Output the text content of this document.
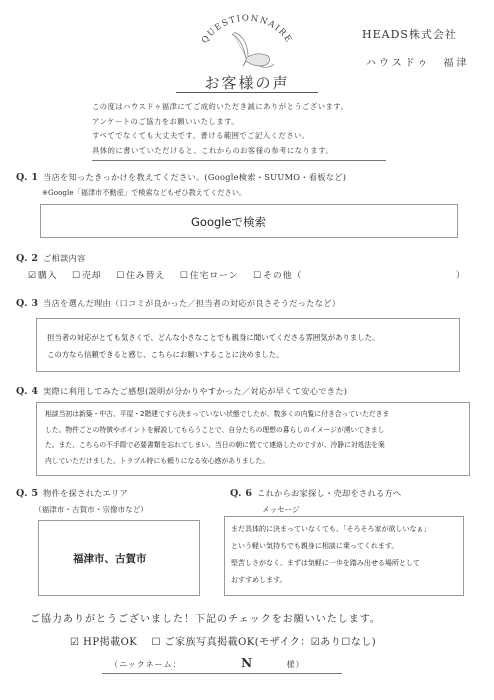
QUESTIONNAIRE
お客様の声
HEADS株式会社
ハウスドゥ　福津
この度はハウスドゥ福津にてご成約いただき誠にありがとうございます。
アンケートのご協力をお願いいたします。
すべてでなくても大丈夫です。書ける範囲でご記入ください。
具体的に書いていただけると、これからのお客様の参考になります。
Q. 1 当店を知ったきっかけを教えてください。(Google検索・SUUMO・看板など)
※Google「福津市不動産」で検索などもぜひ教えてください。
Googleで検索
Q. 2 ご相談内容
☑購入 　☐売却 　☐住み替え 　☐住宅ローン 　☐その他（	）
Q. 3 当店を選んだ理由（口コミが良かった／担当者の対応が良さそうだったなど）
担当者の対応がとても気さくで、どんな小さなことでも親身に聞いてくださる雰囲気がありました。
この方なら信頼できると感じ、こちらにお願いすることに決めました。
Q. 4 実際に利用してみたご感想(説明が分かりやすかった／対応が早くて安心できた)
相談当初は新築・中古、平屋・2階建てすら決まっていない状態でしたが、数多くの内覧に付き合っていただきま
した。物件ごとの特徴やポイントを解説してもらうことで、自分たちの理想の暮らしのイメージが湧いてきまし
た。また、こちらの不手際で必要書類を忘れてしまい、当日の朝に慌てて連絡したのですが、冷静に対処法を案
内していただけました。トラブル時にも頼りになる安心感がありました。
Q. 5 物件を探されたエリア
（福津市・古賀市・宗像市など）
福津市、古賀市
Q. 6 これからお家探し・売却をされる方へ
メッセージ
まだ具体的に決まっていなくても、「そろそろ家が欲しいなぁ」
という軽い気持ちでも親身に相談に乗ってくれます。
堅苦しさがなく、まずは気軽に一歩を踏み出せる場所として
おすすめします。
ご協力ありがとうございました！下記のチェックをお願いいたします。
☑ HP掲載OK 　☐ ご家族写真掲載OK(モザイク：☑あり☐なし)
（ニックネーム：	N	様）
